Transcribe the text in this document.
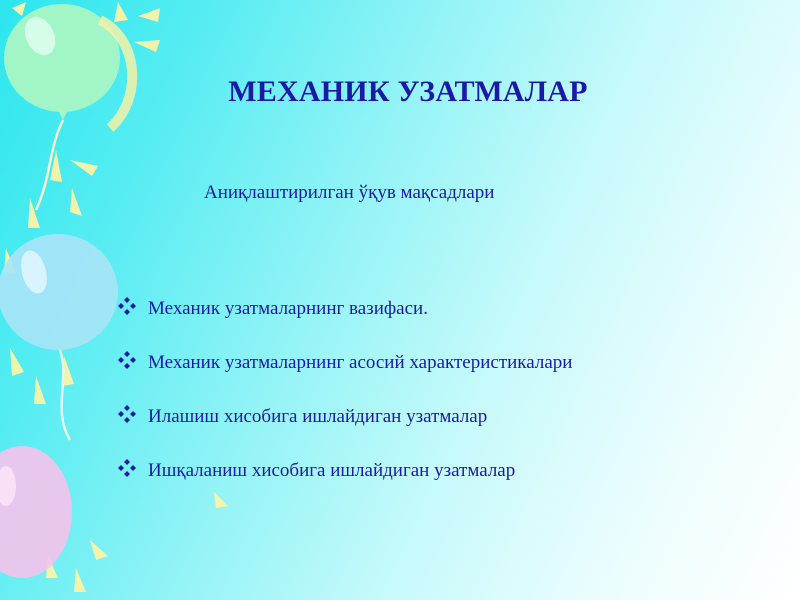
МЕХАНИК УЗАТМАЛАР
Аниқлаштирилган ўқув мақсадлари
Механик узатмаларнинг вазифаси.
Механик узатмаларнинг асосий характеристикалари
Илашиш хисобига ишлайдиган узатмалар
Ишқаланиш хисобига ишлайдиган узатмалар
